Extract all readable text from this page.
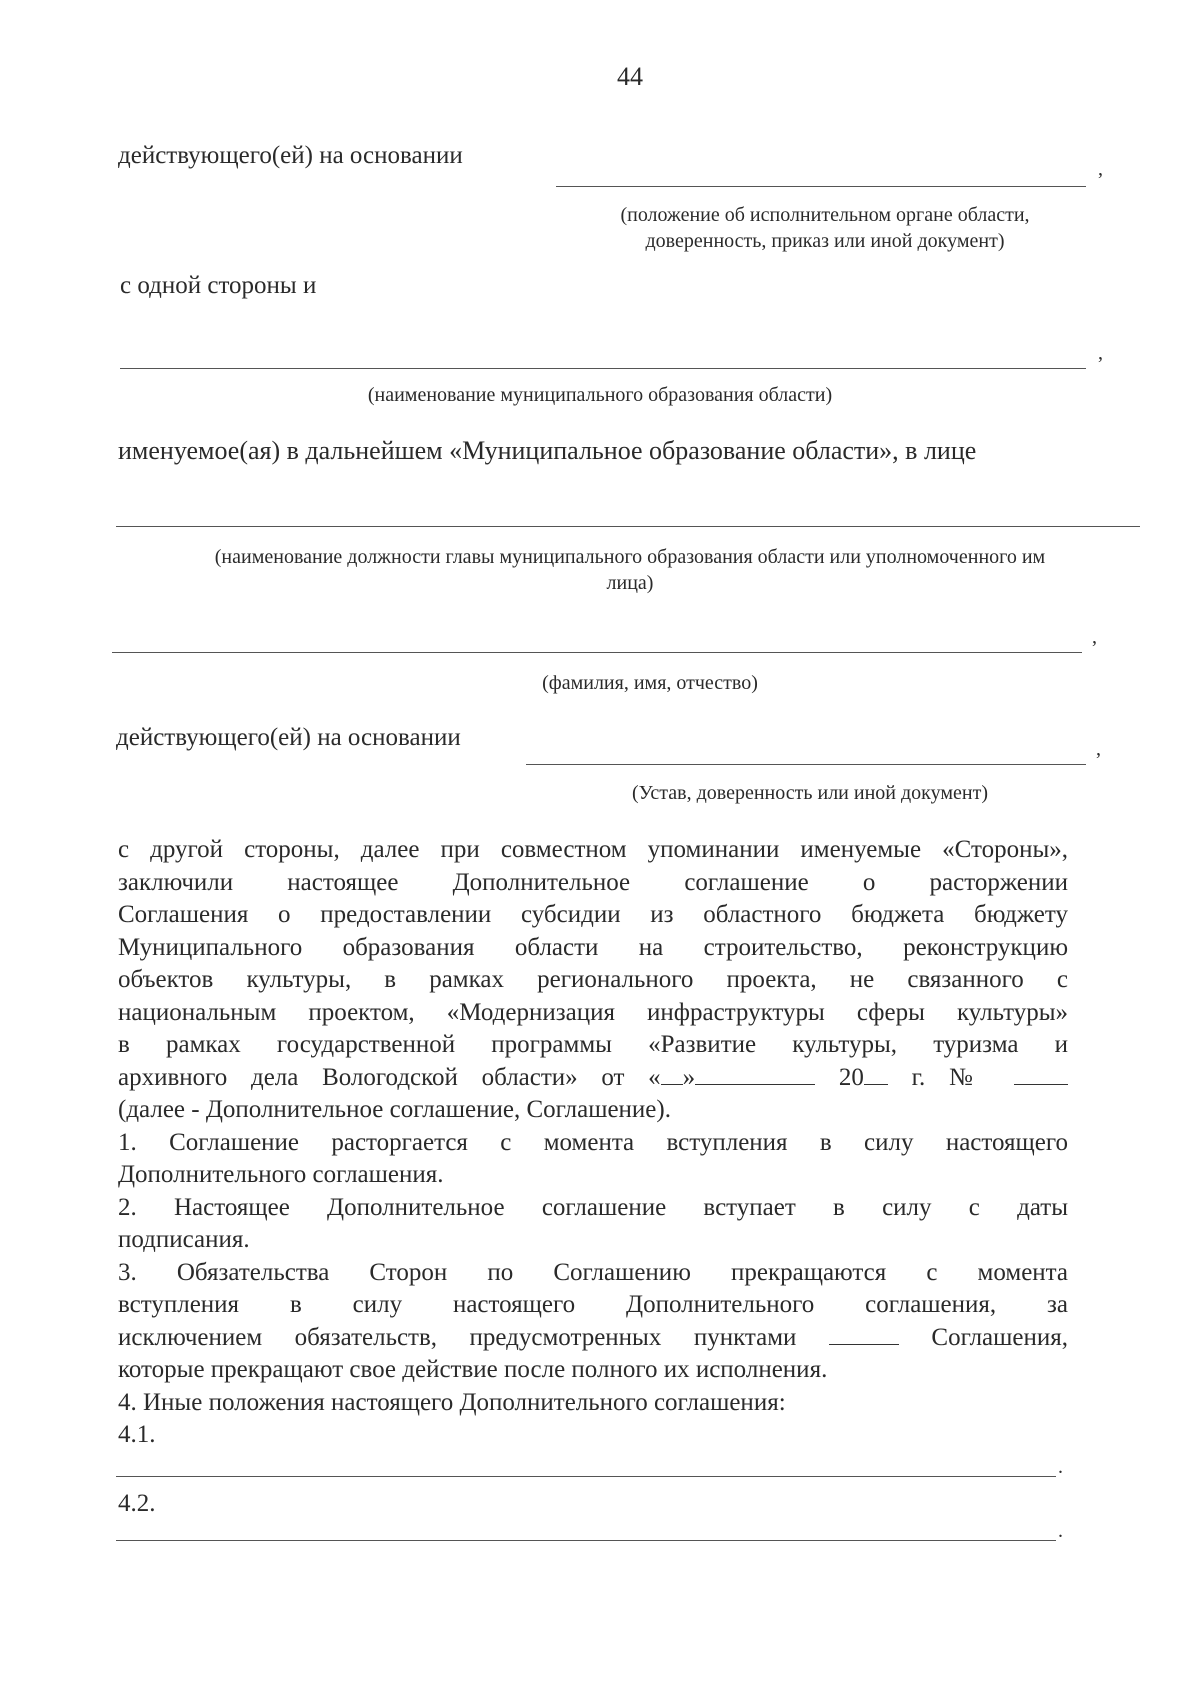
44
действующего(ей) на основании	,
(положение об исполнительном органе области,
доверенность, приказ или иной документ)
с одной стороны и
,
(наименование муниципального образования области)
именуемое(ая) в дальнейшем «Муниципальное образование области», в лице
(наименование должности главы муниципального образования области или уполномоченного им
лица)
,
(фамилия, имя, отчество)
действующего(ей) на основании	,
(Устав, доверенность или иной документ)

с другой стороны, далее при совместном упоминании именуемые «Стороны»,
заключили настоящее Дополнительное соглашение о расторжении
Соглашения о предоставлении субсидии из областного бюджета бюджету
Муниципального образования области на строительство, реконструкцию
объектов культуры, в рамках регионального проекта, не связанного с
национальным проектом, «Модернизация инфраструктуры сферы культуры»
в рамках государственной программы «Развитие культуры, туризма и
архивного дела Вологодской области» от « »	20 г. №
(далее - Дополнительное соглашение, Соглашение).

1. Соглашение расторгается с момента вступления в силу настоящего
Дополнительного соглашения.

2. Настоящее Дополнительное соглашение вступает в силу с даты
подписания.

3. Обязательства Сторон по Соглашению прекращаются с момента
вступления в силу настоящего Дополнительного соглашения, за
исключением обязательств, предусмотренных пунктами	Соглашения,
которые прекращают свое действие после полного их исполнения.

4. Иные положения настоящего Дополнительного соглашения:

4.1.

.
4.2.
.
